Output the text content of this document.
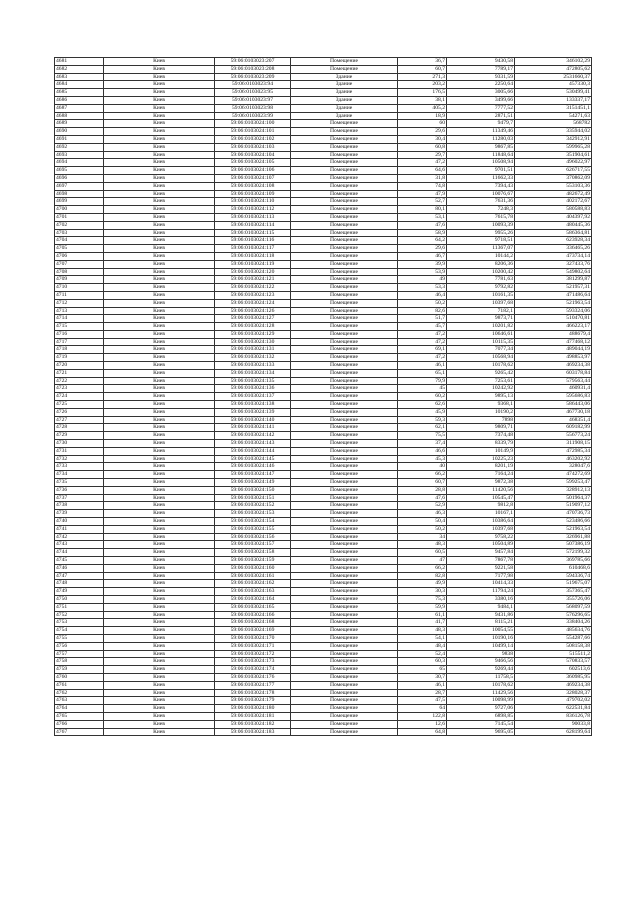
4681	Киев	59:06:0103023:207	Помещение	36,7	9430,58	346102,29
4682	Киев	59:06:0103023:208	Помещение	60,7	7789,17	472805,62
4683	Киев	59:06:0103023:209	Здание	271,3	9331,59	2531660,37
4684	Киев	59:06:0103023:94	Здание	203,2	2250,64	457330,3
4685	Киев	59:06:0103023:95	Здание	176,5	3005,66	530499,41
4686	Киев	59:06:0103023:97	Здание	38,1	3499,66	133337,17
4687	Киев	59:06:0103023:98	Здание	405,2	7777,52	3151451,1
4688	Киев	59:06:0103023:99	Здание	18,9	2871,51	54271,63
4689	Киев	59:06:0103024:100	Помещение	60	9479,7	568782
4690	Киев	59:06:0103024:101	Помещение	29,6	11349,46	335944,02
4691	Киев	59:06:0103024:102	Помещение	30,4	11280,03	342912,91
4692	Киев	59:06:0103024:103	Помещение	60,8	9867,85	599965,28
4693	Киев	59:06:0103024:104	Помещение	29,7	11848,64	351904,61
4694	Киев	59:06:0103024:105	Помещение	47,2	10508,94	496022,97
4695	Киев	59:06:0103024:106	Помещение	64,6	9701,51	626717,55
4696	Киев	59:06:0103024:107	Помещение	31,8	11662,33	370862,09
4697	Киев	59:06:0103024:108	Помещение	74,8	7394,43	553103,36
4698	Киев	59:06:0103024:109	Помещение	47,9	10076,67	482672,49
4699	Киев	59:06:0103024:110	Помещение	52,7	7631,36	402172,67
4700	Киев	59:06:0103024:112	Помещение	80,1	7248,3	580588,83
4701	Киев	59:06:0103024:113	Помещение	53,1	7615,78	404397,92
4702	Киев	59:06:0103024:114	Помещение	47,6	10093,39	480445,36
4703	Киев	59:06:0103024:115	Помещение	58,9	9955,26	586364,81
4704	Киев	59:06:0103024:116	Помещение	64,2	9718,51	623928,34
4705	Киев	59:06:0103024:117	Помещение	29,6	11367,07	336465,26
4706	Киев	59:06:0103024:118	Помещение	46,7	10144,2	473734,14
4707	Киев	59:06:0103024:119	Помещение	39,9	8206,36	327433,76
4708	Киев	59:06:0103024:120	Помещение	53,9	10200,42	549802,64
4709	Киев	59:06:0103024:121	Помещение	49	7781,63	381299,87
4710	Киев	59:06:0103024:122	Помещение	53,3	9792,82	521957,31
4711	Киев	59:06:0103024:123	Помещение	46,4	10161,35	471486,64
4712	Киев	59:06:0103024:124	Помещение	50,2	10397,68	521963,54
4713	Киев	59:06:0103024:126	Помещение	82,6	7182,1	593324,06
4714	Киев	59:06:0103024:127	Помещение	51,7	9873,71	510470,81
4715	Киев	59:06:0103024:128	Помещение	45,7	10201,82	466223,17
4716	Киев	59:06:0103024:129	Помещение	47,2	10646,61	488679,4
4717	Киев	59:06:0103024:130	Помещение	47,2	10115,35	477468,12
4718	Киев	59:06:0103024:131	Помещение	69,1	7077,34	489044,19
4719	Киев	59:06:0103024:132	Помещение	47,2	10568,94	498853,97
4720	Киев	59:06:0103024:133	Помещение	46,1	10178,62	469234,38
4721	Киев	59:06:0103024:134	Помещение	65,1	9265,42	603178,84
4722	Киев	59:06:0103024:135	Помещение	79,9	7253,61	579563,44
4723	Киев	59:06:0103024:136	Помещение	45	10242,92	460931,4
4724	Киев	59:06:0103024:137	Помещение	60,2	9895,13	595686,83
4725	Киев	59:06:0103024:138	Помещение	62,6	9368,1	586443,06
4726	Киев	59:06:0103024:139	Помещение	45,9	10190,2	467730,18
4727	Киев	59:06:0103024:140	Помещение	59,3	7898	468351,4
4728	Киев	59:06:0103024:141	Помещение	62,1	9809,71	609182,99
4729	Киев	59:06:0103024:142	Помещение	75,5	7374,48	556773,24
4730	Киев	59:06:0103024:143	Помещение	37,4	8339,79	311908,15
4731	Киев	59:06:0103024:144	Помещение	46,6	10149,9	472985,34
4732	Киев	59:06:0103024:145	Помещение	45,3	10225,23	463202,92
4733	Киев	59:06:0103024:146	Помещение	40	8201,19	328047,6
4734	Киев	59:06:0103024:147	Помещение	66,2	7164,24	474272,69
4735	Киев	59:06:0103024:149	Помещение	60,7	9872,38	599253,47
4736	Киев	59:06:0103024:150	Помещение	28,8	11420,56	328912,13
4737	Киев	59:06:0103024:151	Помещение	47,6	10545,47	501964,37
4738	Киев	59:06:0103024:152	Помещение	52,9	9812,8	519097,12
4739	Киев	59:06:0103024:153	Помещение	46,3	10167,1	470736,73
4740	Киев	59:06:0103024:154	Помещение	50,4	10386,64	523486,66
4741	Киев	59:06:0103024:155	Помещение	50,2	10397,68	521963,54
4742	Киев	59:06:0103024:156	Помещение	34	9758,22	326961,88
4743	Киев	59:06:0103024:157	Помещение	48,3	10504,89	507386,19
4744	Киев	59:06:0103024:158	Помещение	60,5	9457,84	572199,32
4745	Киев	59:06:0103024:159	Помещение	47	7867,78	369785,66
4746	Киев	59:06:0103024:160	Помещение	66,2	9221,58	610468,6
4747	Киев	59:06:0103024:161	Помещение	82,8	7177,98	594336,74
4748	Киев	59:06:0103024:162	Помещение	49,9	10414,33	519675,07
4749	Киев	59:06:0103024:163	Помещение	30,3	11794,24	357365,47
4750	Киев	59:06:0103024:164	Помещение	75,3	3380,16	355726,06
4751	Киев	59:06:0103024:165	Помещение	59,9	9484,1	568097,59
4752	Киев	59:06:0103024:166	Помещение	61,1	9431,86	576296,65
4753	Киев	59:06:0103024:168	Помещение	41,7	8115,21	338404,26
4754	Киев	59:06:0103024:169	Помещение	48,3	10054,55	485634,76
4755	Киев	59:06:0103024:170	Помещение	54,1	10190,16	554287,66
4756	Киев	59:06:0103024:171	Помещение	48,4	10499,14	508158,38
4757	Киев	59:06:0103024:172	Помещение	52,4	9838	515511,2
4758	Киев	59:06:0103024:173	Помещение	60,3	9466,56	570833,57
4759	Киев	59:06:0103024:174	Помещение	65	9269,44	602513,6
4760	Киев	59:06:0103024:176	Помещение	30,7	11758,5	360985,95
4761	Киев	59:06:0103024:177	Помещение	46,1	10178,62	469234,38
4762	Киев	59:06:0103024:178	Помещение	28,7	11429,56	328028,37
4763	Киев	59:06:0103024:179	Помещение	47,5	10098,99	479702,02
4764	Киев	59:06:0103024:180	Помещение	64	9727,06	622531,84
4765	Киев	59:06:0103024:181	Помещение	122,8	6898,85	836126,78
4766	Киев	59:06:0103024:182	Помещение	12,6	7145,54	90033,8
4767	Киев	59:06:0103024:183	Помещение	64,8	9695,05	628199,64
